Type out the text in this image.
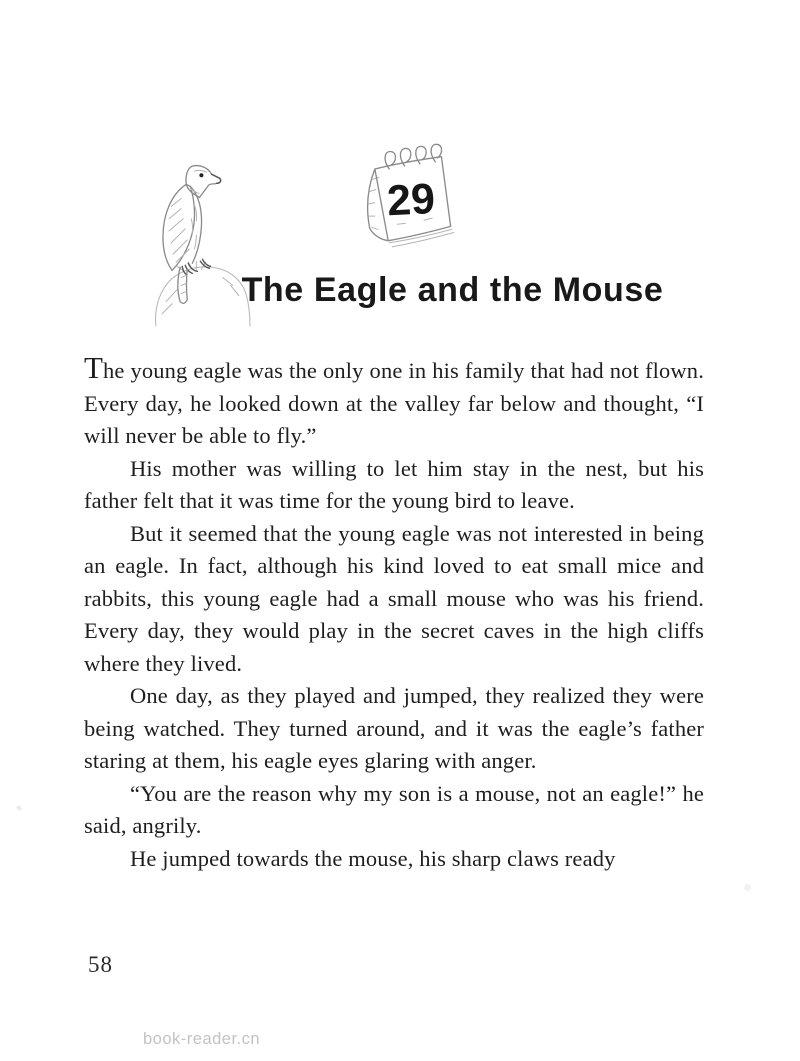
29
The Eagle and the Mouse

The young eagle was the only one in his family that had not flown. Every day, he looked down at the valley far below and thought, “I will never be able to fly.”

His mother was willing to let him stay in the nest, but his father felt that it was time for the young bird to leave.

But it seemed that the young eagle was not interested in being an eagle. In fact, although his kind loved to eat small mice and rabbits, this young eagle had a small mouse who was his friend. Every day, they would play in the secret caves in the high cliffs where they lived.

One day, as they played and jumped, they realized they were being watched. They turned around, and it was the eagle’s father staring at them, his eagle eyes glaring with anger.

“You are the reason why my son is a mouse, not an eagle!” he said, angrily.

He jumped towards the mouse, his sharp claws ready

58
book-reader.cn
